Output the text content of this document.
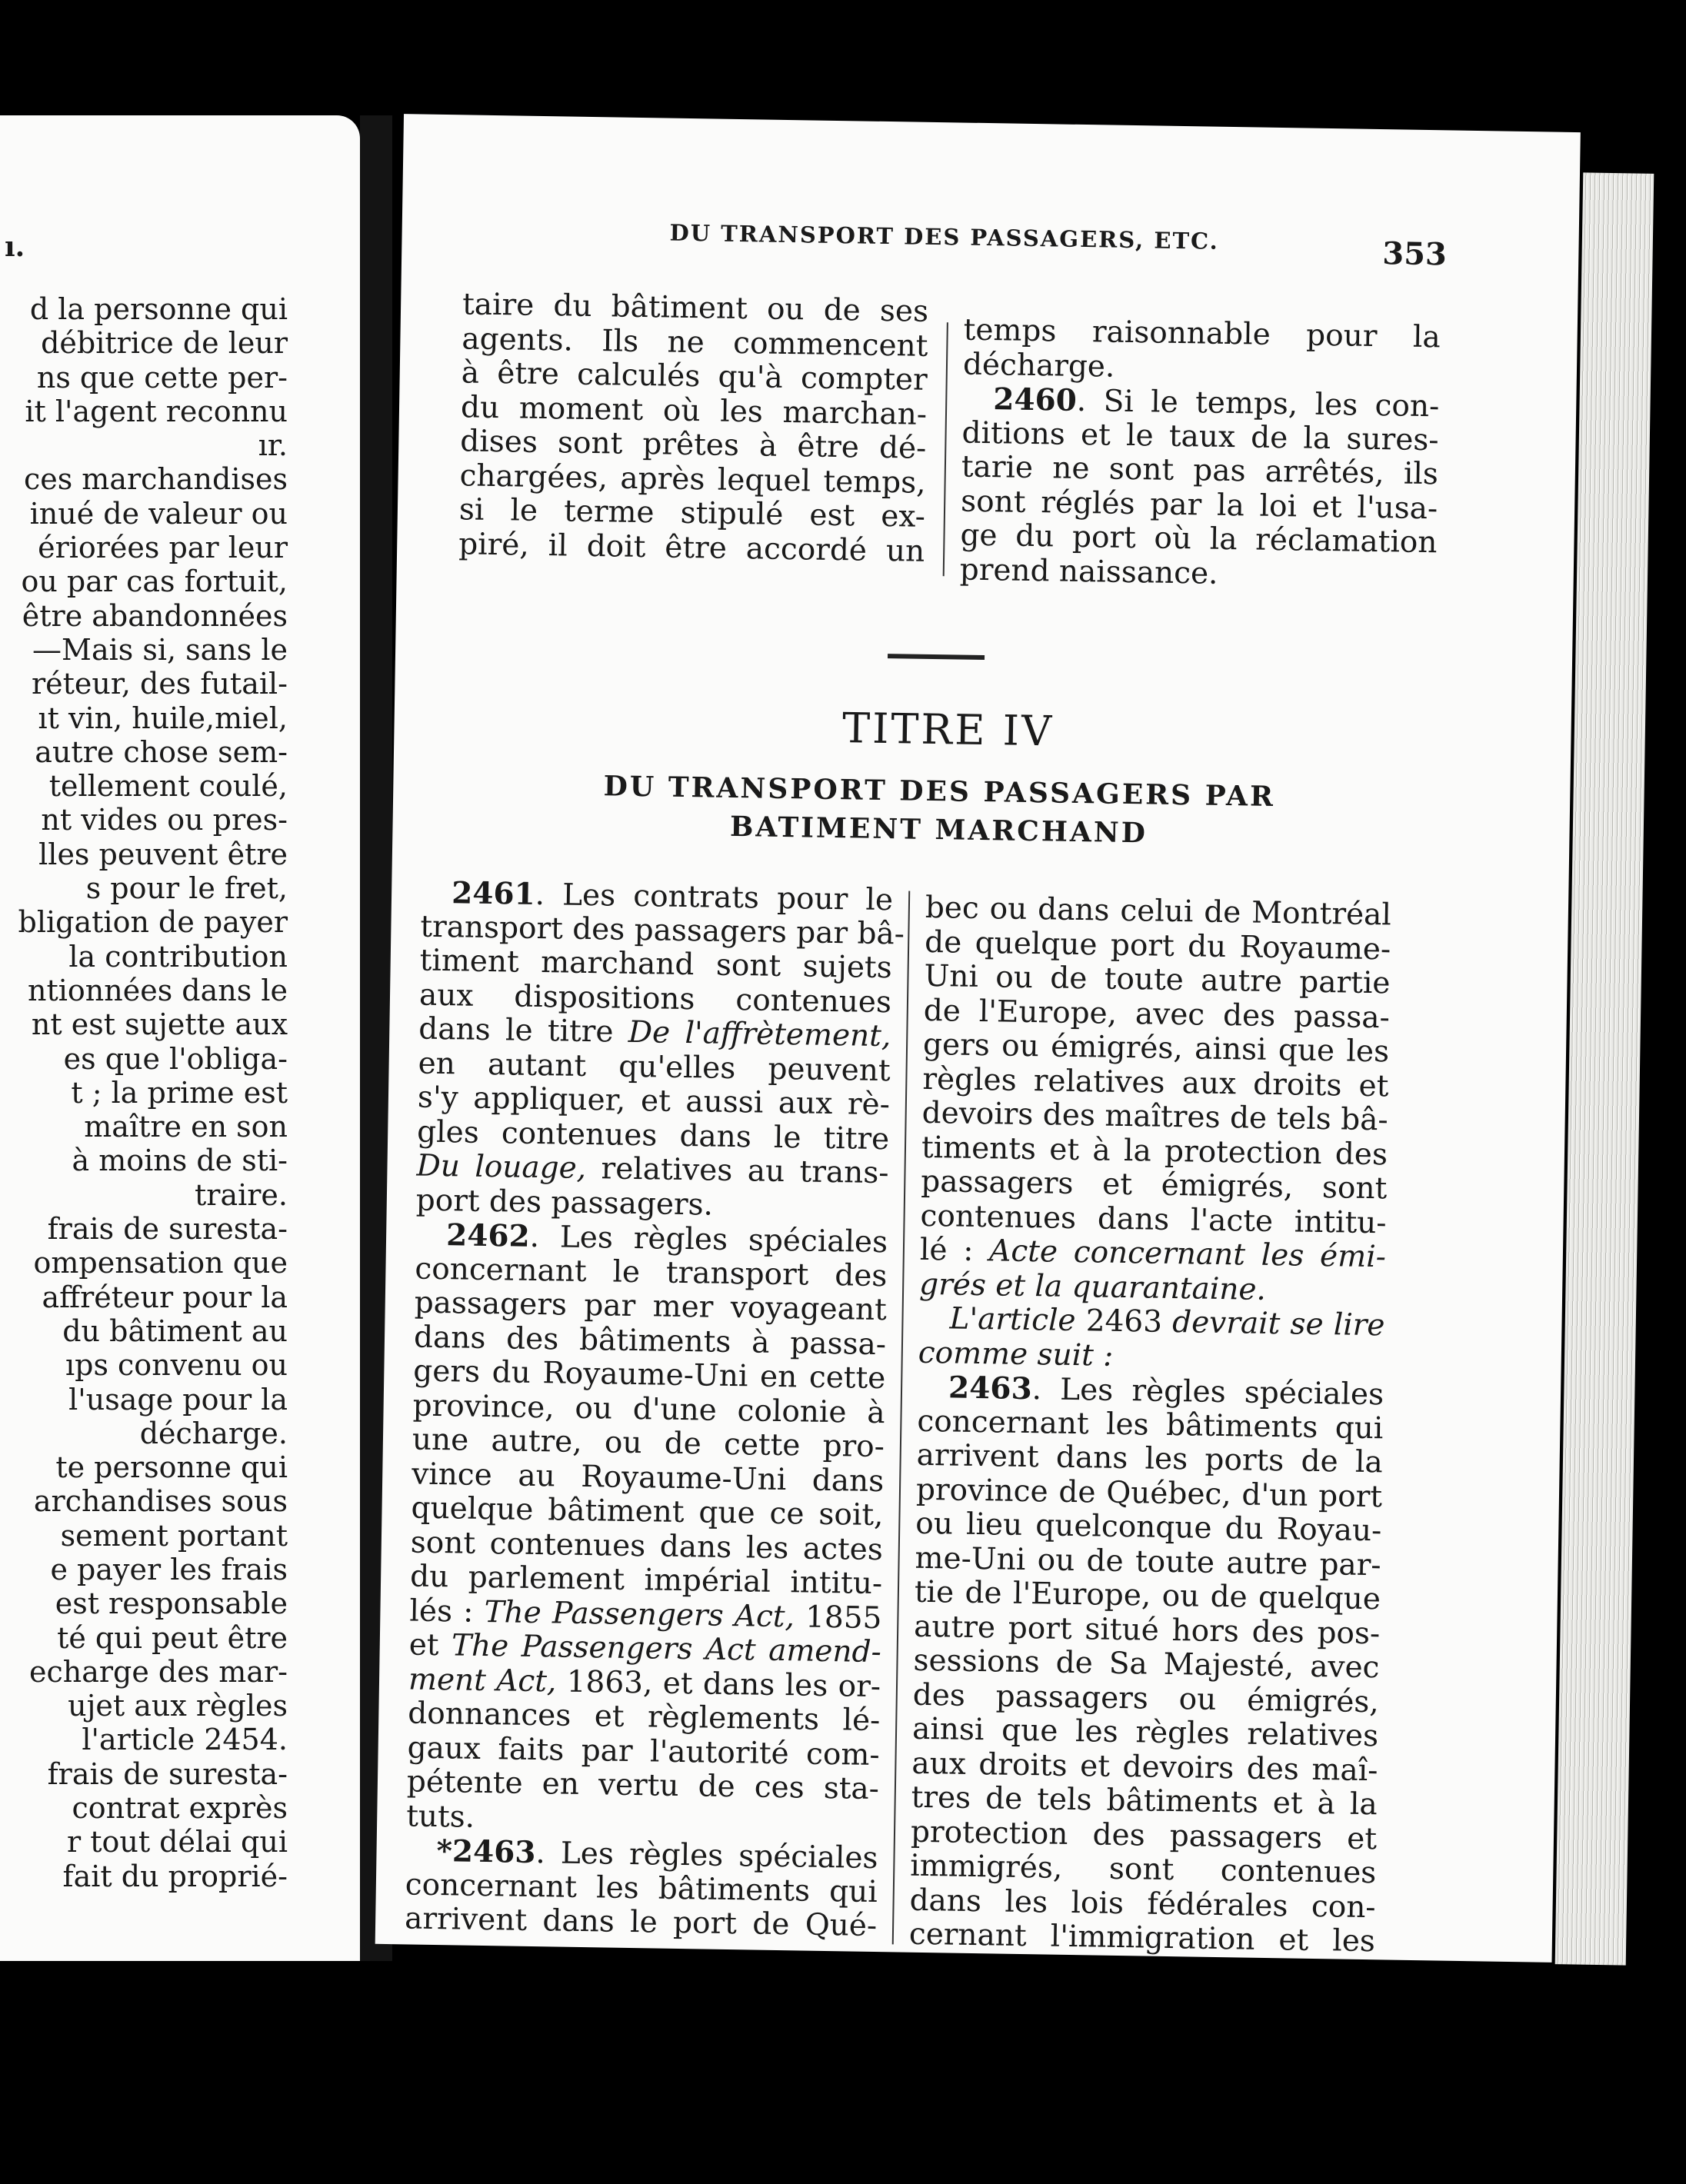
ı.
d la personne qui
débitrice de leur
ns que cette per-
it l'agent reconnu
ır.
ces marchandises
inué de valeur ou
ériorées par leur
ou par cas fortuit,
être abandonnées
—Mais si, sans le
réteur, des futail-
ıt vin, huile,miel,
autre chose sem-
tellement coulé,
nt vides ou pres-
lles peuvent être
s pour le fret,
bligation de payer
la contribution
ntionnées dans le
nt est sujette aux
es que l'obliga-
t ; la prime est
maître en son
à moins de sti-
traire.
frais de suresta-
ompensation que
affréteur pour la
du bâtiment au
ıps convenu ou
l'usage pour la
décharge.
te personne qui
archandises sous
sement portant
e payer les frais
est responsable
té qui peut être
echarge des mar-
ujet aux règles
l'article 2454.
frais de suresta-
contrat exprès
r tout délai qui
fait du proprié-
DU TRANSPORT DES PASSAGERS, ETC.	353
taire du bâtiment ou de ses
agents. Ils ne commencent
à être calculés qu'à compter
du moment où les marchan-
dises sont prêtes à être dé-
chargées, après lequel temps,
si le terme stipulé est ex-
piré, il doit être accordé un
temps raisonnable pour la
décharge.
2460. Si le temps, les con-
ditions et le taux de la sures-
tarie ne sont pas arrêtés, ils
sont réglés par la loi et l'usa-
ge du port où la réclamation
prend naissance.
TITRE IV
DU TRANSPORT DES PASSAGERS PAR
BATIMENT MARCHAND
2461. Les contrats pour le
transport des passagers par bâ-
timent marchand sont sujets
aux dispositions contenues
dans le titre De l'affrètement,
en autant qu'elles peuvent
s'y appliquer, et aussi aux rè-
gles contenues dans le titre
Du louage, relatives au trans-
port des passagers.
2462. Les règles spéciales
concernant le transport des
passagers par mer voyageant
dans des bâtiments à passa-
gers du Royaume-Uni en cette
province, ou d'une colonie à
une autre, ou de cette pro-
vince au Royaume-Uni dans
quelque bâtiment que ce soit,
sont contenues dans les actes
du parlement impérial intitu-
lés : The Passengers Act, 1855
et The Passengers Act amend-
ment Act, 1863, et dans les or-
donnances et règlements lé-
gaux faits par l'autorité com-
pétente en vertu de ces sta-
tuts.
*2463. Les règles spéciales
concernant les bâtiments qui
arrivent dans le port de Qué-
bec ou dans celui de Montréal
de quelque port du Royaume-
Uni ou de toute autre partie
de l'Europe, avec des passa-
gers ou émigrés, ainsi que les
règles relatives aux droits et
devoirs des maîtres de tels bâ-
timents et à la protection des
passagers et émigrés, sont
contenues dans l'acte intitu-
lé : Acte concernant les émi-
grés et la quarantaine.
L'article 2463 devrait se lire
comme suit :
2463. Les règles spéciales
concernant les bâtiments qui
arrivent dans les ports de la
province de Québec, d'un port
ou lieu quelconque du Royau-
me-Uni ou de toute autre par-
tie de l'Europe, ou de quelque
autre port situé hors des pos-
sessions de Sa Majesté, avec
des passagers ou émigrés,
ainsi que les règles relatives
aux droits et devoirs des maî-
tres de tels bâtiments et à la
protection des passagers et
immigrés, sont contenues
dans les lois fédérales con-
cernant l'immigration et les
